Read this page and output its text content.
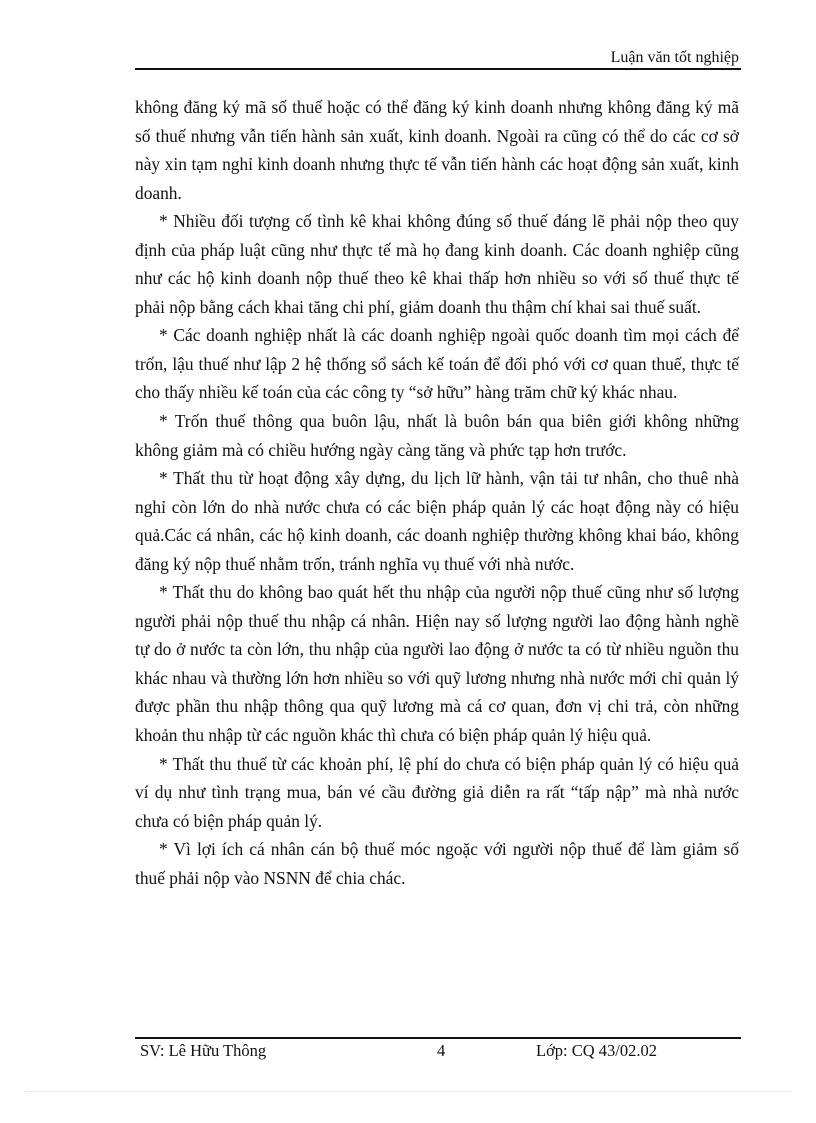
Luận văn tốt nghiệp

không đăng ký mã số thuế hoặc có thể đăng ký kinh doanh nhưng không đăng ký mã số thuế nhưng vẫn tiến hành sản xuất, kinh doanh. Ngoài ra cũng có thể do các cơ sở này xin tạm nghỉ kinh doanh nhưng thực tế vẫn tiến hành các hoạt động sản xuất, kinh doanh.

* Nhiều đối tượng cố tình kê khai không đúng số thuế đáng lẽ phải nộp theo quy định của pháp luật cũng như thực tế mà họ đang kinh doanh. Các doanh nghiệp cũng như các hộ kinh doanh nộp thuế theo kê khai thấp hơn nhiều so với số thuế thực tế phải nộp bằng cách khai tăng chi phí, giảm doanh thu thậm chí khai sai thuế suất.

* Các doanh nghiệp nhất là các doanh nghiệp ngoài quốc doanh tìm mọi cách để trốn, lậu thuế như lập 2 hệ thống sổ sách kế toán để đối phó với cơ quan thuế, thực tế cho thấy nhiều kế toán của các công ty “sở hữu” hàng trăm chữ ký khác nhau.

* Trốn thuế thông qua buôn lậu, nhất là buôn bán qua biên giới không những không giảm mà có chiều hướng ngày càng tăng và phức tạp hơn trước.

* Thất thu từ hoạt động xây dựng, du lịch lữ hành, vận tải tư nhân, cho thuê nhà nghỉ còn lớn do nhà nước chưa có các biện pháp quản lý các hoạt động này có hiệu quả.Các cá nhân, các hộ kinh doanh, các doanh nghiệp thường không khai báo, không đăng ký nộp thuế nhằm trốn, tránh nghĩa vụ thuế với nhà nước.

* Thất thu do không bao quát hết thu nhập của người nộp thuế cũng như số lượng người phải nộp thuế thu nhập cá nhân. Hiện nay số lượng người lao động hành nghề tự do ở nước ta còn lớn, thu nhập của người lao động ở nước ta có từ nhiều nguồn thu khác nhau và thường lớn hơn nhiều so với quỹ lương nhưng nhà nước mới chỉ quản lý được phần thu nhập thông qua quỹ lương mà cá cơ quan, đơn vị chi trả, còn những khoản thu nhập từ các nguồn khác thì chưa có biện pháp quản lý hiệu quả.

* Thất thu thuế từ các khoản phí, lệ phí do chưa có biện pháp quản lý có hiệu quả ví dụ như tình trạng mua, bán vé cầu đường giả diễn ra rất “tấp nập” mà nhà nước chưa có biện pháp quản lý.

* Vì lợi ích cá nhân cán bộ thuế móc ngoặc với người nộp thuế để làm giảm số thuế phải nộp vào NSNN để chia chác.

SV: Lê Hữu Thông	4	Lớp: CQ 43/02.02
